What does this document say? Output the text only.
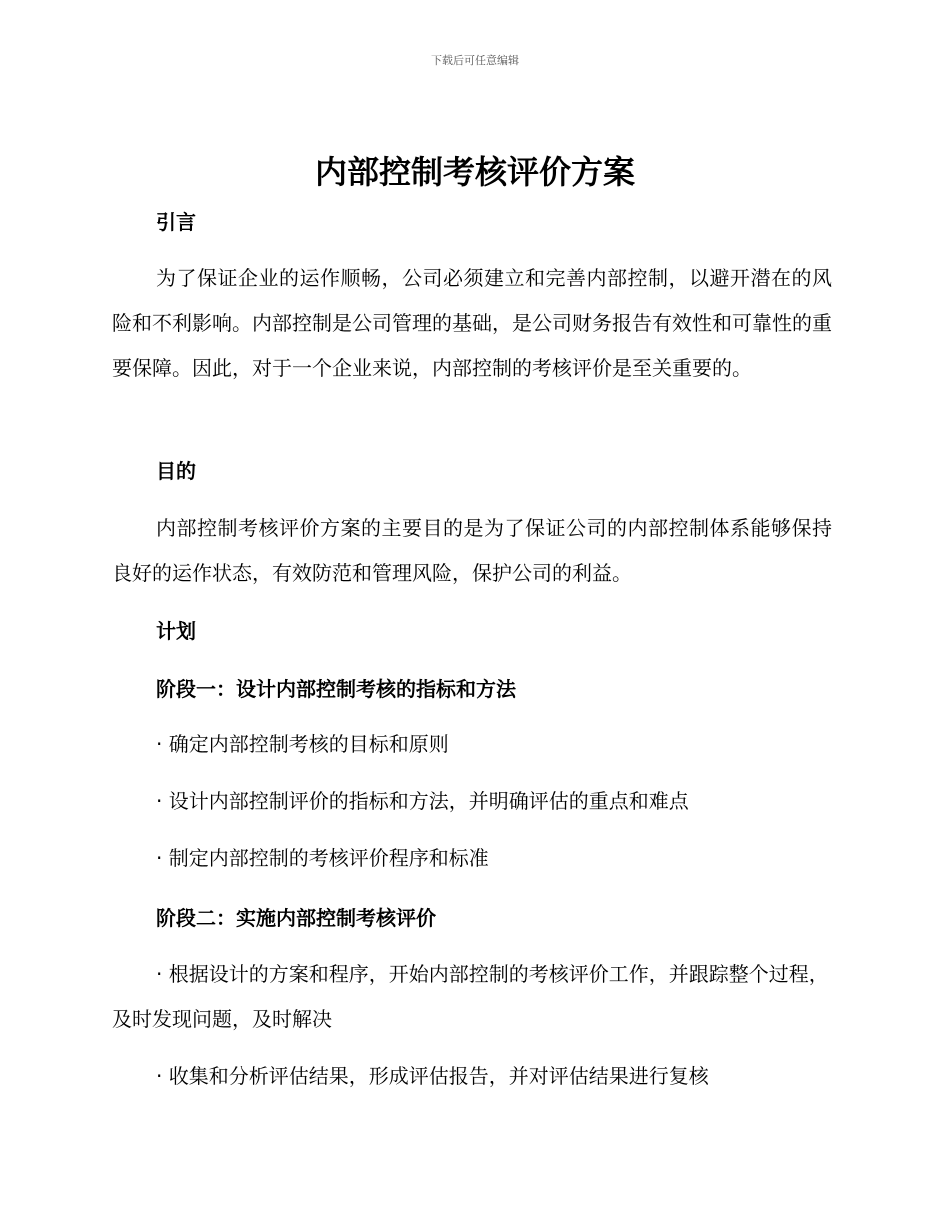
下载后可任意编辑
内部控制考核评价方案
引言
为了保证企业的运作顺畅，公司必须建立和完善内部控制，以避开潜在的风险和不利影响。内部控制是公司管理的基础，是公司财务报告有效性和可靠性的重要保障。因此，对于一个企业来说，内部控制的考核评价是至关重要的。
目的
内部控制考核评价方案的主要目的是为了保证公司的内部控制体系能够保持良好的运作状态，有效防范和管理风险，保护公司的利益。
计划
阶段一：设计内部控制考核的指标和方法
· 确定内部控制考核的目标和原则
· 设计内部控制评价的指标和方法，并明确评估的重点和难点
· 制定内部控制的考核评价程序和标准
阶段二：实施内部控制考核评价
· 根据设计的方案和程序，开始内部控制的考核评价工作，并跟踪整个过程，及时发现问题，及时解决
· 收集和分析评估结果，形成评估报告，并对评估结果进行复核
